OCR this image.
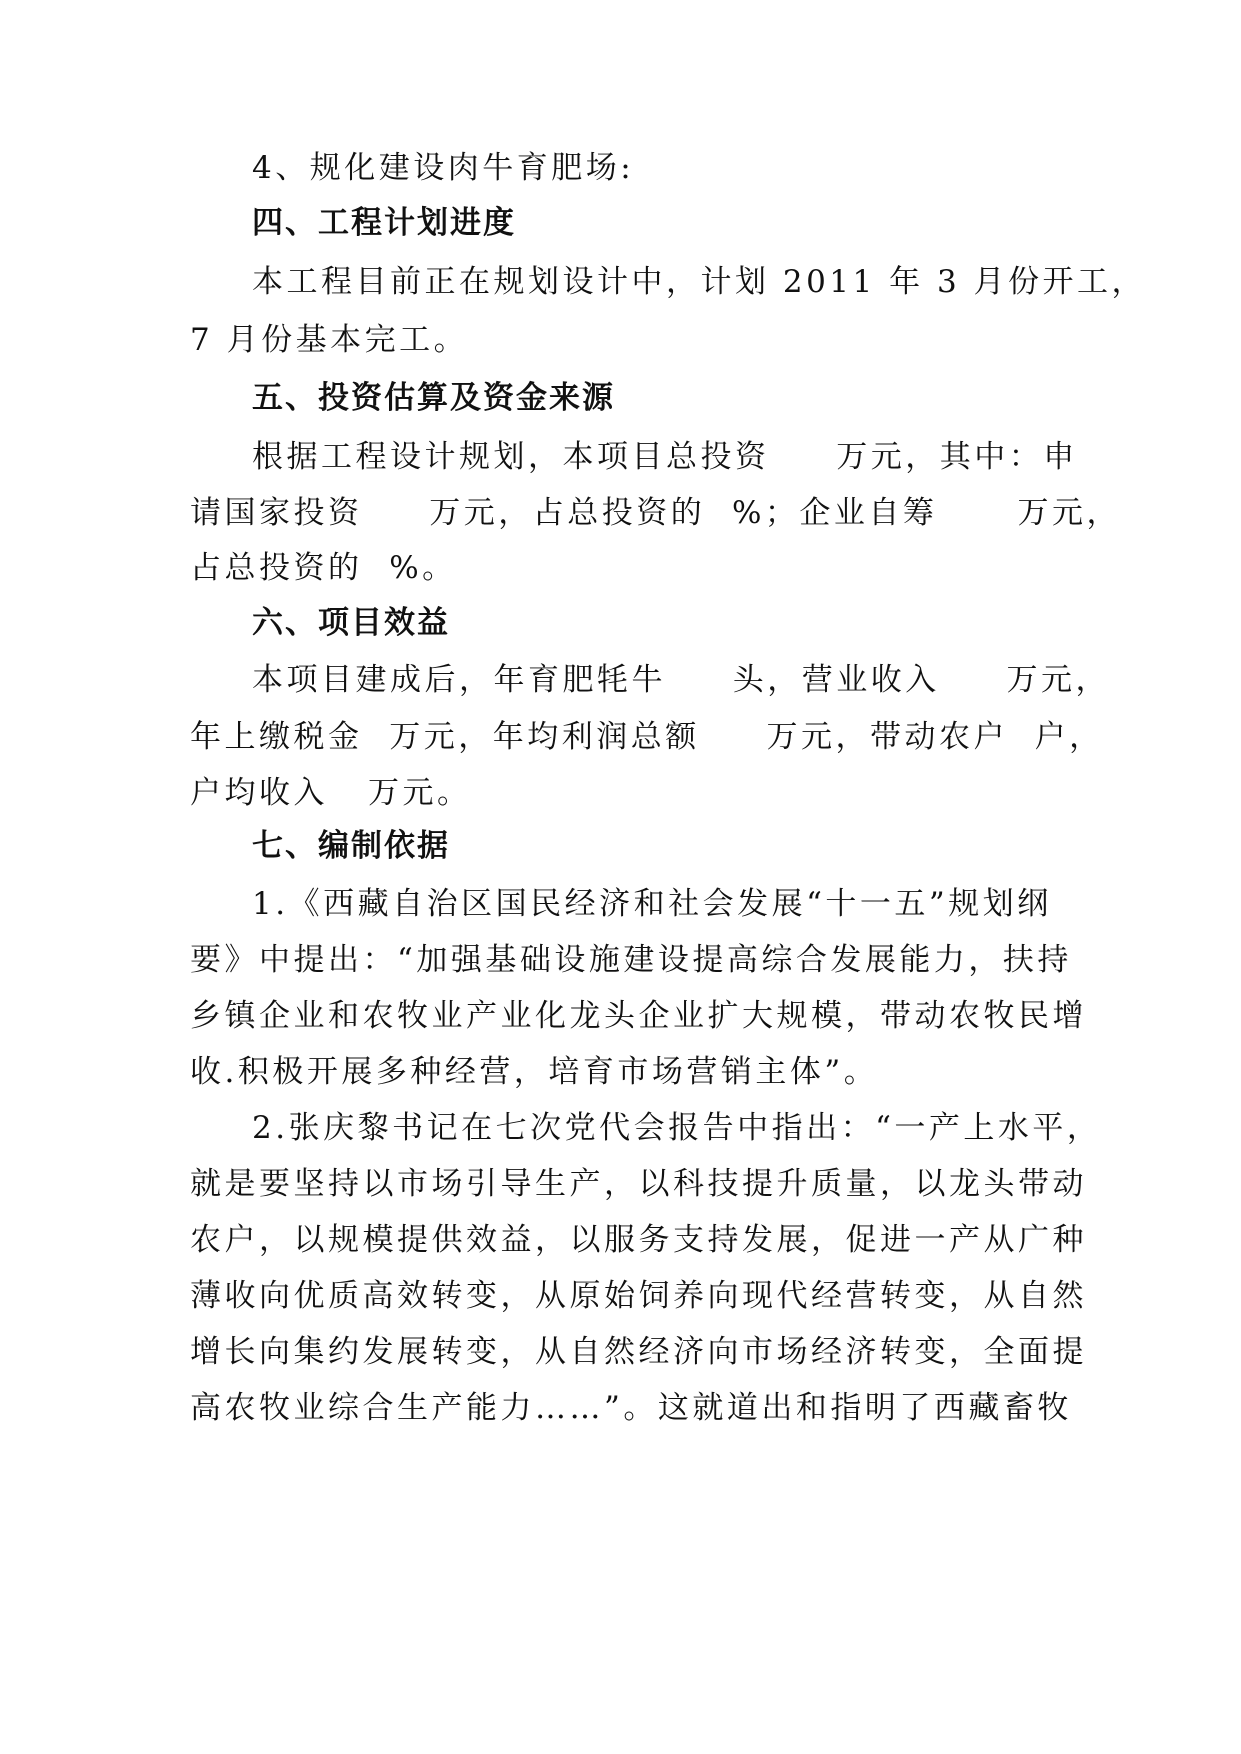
4、规化建设肉牛育肥场:
四、工程计划进度
本工程目前正在规划设计中，计划 2011 年 3 月份开工，
7 月份基本完工。
五、投资估算及资金来源
根据工程设计规划，本项目总投资     万元，其中：申
请国家投资     万元，占总投资的  %；企业自筹      万元，
占总投资的  %。
六、项目效益
本项目建成后，年育肥牦牛     头，营业收入     万元，
年上缴税金  万元，年均利润总额     万元，带动农户  户，
户均收入   万元。
七、编制依据
1.《西藏自治区国民经济和社会发展“十一五”规划纲
要》中提出：“加强基础设施建设提高综合发展能力，扶持
乡镇企业和农牧业产业化龙头企业扩大规模，带动农牧民增
收.积极开展多种经营，培育市场营销主体”。
2.张庆黎书记在七次党代会报告中指出：“一产上水平，
就是要坚持以市场引导生产，以科技提升质量，以龙头带动
农户，以规模提供效益，以服务支持发展，促进一产从广种
薄收向优质高效转变，从原始饲养向现代经营转变，从自然
增长向集约发展转变，从自然经济向市场经济转变，全面提
高农牧业综合生产能力……”。这就道出和指明了西藏畜牧
